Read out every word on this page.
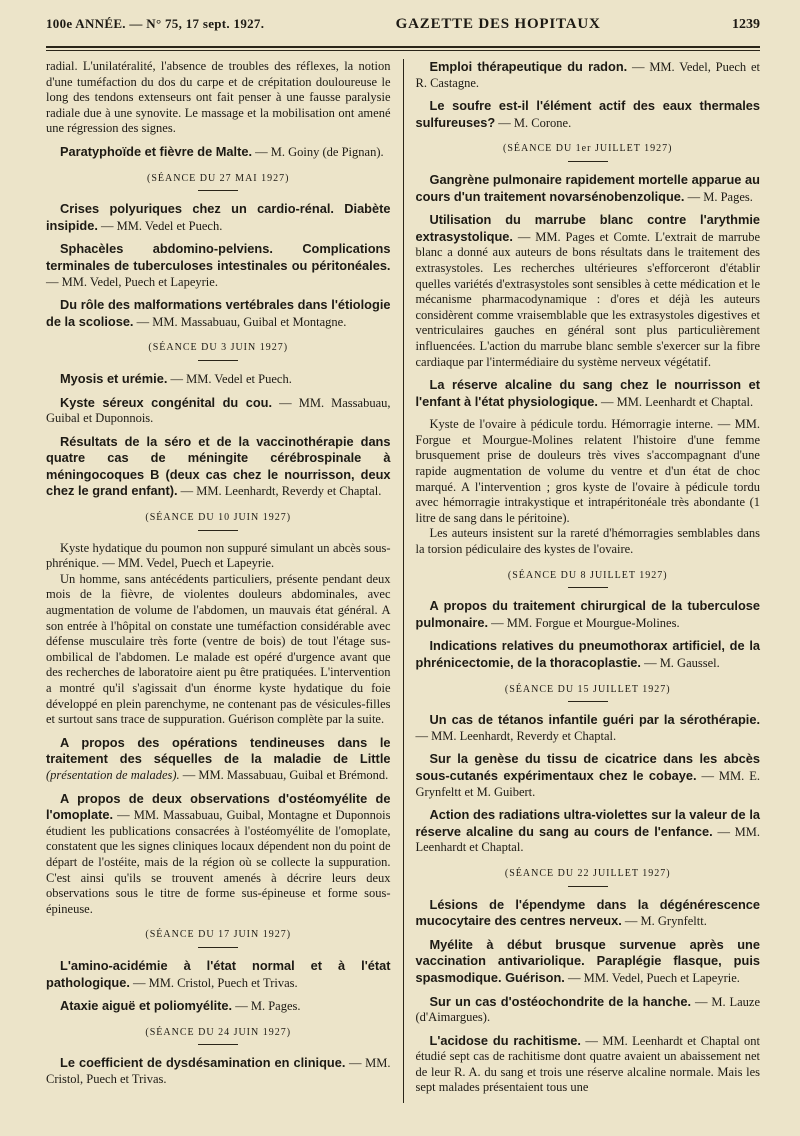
100e ANNÉE. — N° 75, 17 sept. 1927.	GAZETTE DES HOPITAUX	1239

radial. L'unilatéralité, l'absence de troubles des réflexes, la notion d'une tuméfaction du dos du carpe et de crépitation douloureuse le long des tendons extenseurs ont fait penser à une fausse paralysie radiale due à une synovite. Le massage et la mobilisation ont amené une régression des signes.

Paratyphoïde et fièvre de Malte. — M. Goiny (de Pignan).

(SÉANCE DU 27 MAI 1927)

Crises polyuriques chez un cardio-rénal. Diabète insipide. — MM. Vedel et Puech.

Sphacèles abdomino-pelviens. Complications terminales de tuberculoses intestinales ou péritonéales. — MM. Vedel, Puech et Lapeyrie.

Du rôle des malformations vertébrales dans l'étiologie de la scoliose. — MM. Massabuau, Guibal et Montagne.

(SÉANCE DU 3 JUIN 1927)

Myosis et urémie. — MM. Vedel et Puech.

Kyste séreux congénital du cou. — MM. Massabuau, Guibal et Duponnois.

Résultats de la séro et de la vaccinothérapie dans quatre cas de méningite cérébrospinale à méningocoques B (deux cas chez le nourrisson, deux chez le grand enfant). — MM. Leenhardt, Reverdy et Chaptal.

(SÉANCE DU 10 JUIN 1927)

Kyste hydatique du poumon non suppuré simulant un abcès sous-phrénique. — MM. Vedel, Puech et Lapeyrie.

Un homme, sans antécédents particuliers, présente pendant deux mois de la fièvre, de violentes douleurs abdominales, avec augmentation de volume de l'abdomen, un mauvais état général. A son entrée à l'hôpital on constate une tuméfaction considérable avec défense musculaire très forte (ventre de bois) de tout l'étage sus-ombilical de l'abdomen. Le malade est opéré d'urgence avant que des recherches de laboratoire aient pu être pratiquées. L'intervention a montré qu'il s'agissait d'un énorme kyste hydatique du foie développé en plein parenchyme, ne contenant pas de vésicules-filles et surtout sans trace de suppuration. Guérison complète par la suite.

A propos des opérations tendineuses dans le traitement des séquelles de la maladie de Little (présentation de malades). — MM. Massabuau, Guibal et Brémond.

A propos de deux observations d'ostéomyélite de l'omoplate. — MM. Massabuau, Guibal, Montagne et Duponnois étudient les publications consacrées à l'ostéomyélite de l'omoplate, constatent que les signes cliniques locaux dépendent non du point de départ de l'ostéite, mais de la région où se collecte la suppuration. C'est ainsi qu'ils se trouvent amenés à décrire leurs deux observations sous le titre de forme sus-épineuse et forme sous-épineuse.

(SÉANCE DU 17 JUIN 1927)

L'amino-acidémie à l'état normal et à l'état pathologique. — MM. Cristol, Puech et Trivas.

Ataxie aiguë et poliomyélite. — M. Pages.

(SÉANCE DU 24 JUIN 1927)

Le coefficient de dysdésamination en clinique. — MM. Cristol, Puech et Trivas.

Emploi thérapeutique du radon. — MM. Vedel, Puech et R. Castagne.

Le soufre est-il l'élément actif des eaux thermales sulfureuses? — M. Corone.

(SÉANCE DU 1er JUILLET 1927)

Gangrène pulmonaire rapidement mortelle apparue au cours d'un traitement novarsénobenzolique. — M. Pages.

Utilisation du marrube blanc contre l'arythmie extrasystolique. — MM. Pages et Comte. L'extrait de marrube blanc a donné aux auteurs de bons résultats dans le traitement des extrasystoles. Les recherches ultérieures s'efforceront d'établir quelles variétés d'extrasystoles sont sensibles à cette médication et le mécanisme pharmacodynamique : d'ores et déjà les auteurs considèrent comme vraisemblable que les extrasystoles digestives et ventriculaires gauches en général sont plus particulièrement influencées. L'action du marrube blanc semble s'exercer sur la fibre cardiaque par l'intermédiaire du système nerveux végétatif.

La réserve alcaline du sang chez le nourrisson et l'enfant à l'état physiologique. — MM. Leenhardt et Chaptal.

Kyste de l'ovaire à pédicule tordu. Hémorragie interne. — MM. Forgue et Mourgue-Molines relatent l'histoire d'une femme brusquement prise de douleurs très vives s'accompagnant d'une rapide augmentation de volume du ventre et d'un état de choc marqué. A l'intervention ; gros kyste de l'ovaire à pédicule tordu avec hémorragie intrakystique et intrapéritonéale très abondante (1 litre de sang dans le péritoine).

Les auteurs insistent sur la rareté d'hémorragies semblables dans la torsion pédiculaire des kystes de l'ovaire.

(SÉANCE DU 8 JUILLET 1927)

A propos du traitement chirurgical de la tuberculose pulmonaire. — MM. Forgue et Mourgue-Molines.

Indications relatives du pneumothorax artificiel, de la phrénicectomie, de la thoracoplastie. — M. Gaussel.

(SÉANCE DU 15 JUILLET 1927)

Un cas de tétanos infantile guéri par la sérothérapie. — MM. Leenhardt, Reverdy et Chaptal.

Sur la genèse du tissu de cicatrice dans les abcès sous-cutanés expérimentaux chez le cobaye. — MM. E. Grynfeltt et M. Guibert.

Action des radiations ultra-violettes sur la valeur de la réserve alcaline du sang au cours de l'enfance. — MM. Leenhardt et Chaptal.

(SÉANCE DU 22 JUILLET 1927)

Lésions de l'épendyme dans la dégénérescence mucocytaire des centres nerveux. — M. Grynfeltt.

Myélite à début brusque survenue après une vaccination antivariolique. Paraplégie flasque, puis spasmodique. Guérison. — MM. Vedel, Puech et Lapeyrie.

Sur un cas d'ostéochondrite de la hanche. — M. Lauze (d'Aimargues).

L'acidose du rachitisme. — MM. Leenhardt et Chaptal ont étudié sept cas de rachitisme dont quatre avaient un abaissement net de leur R. A. du sang et trois une réserve alcaline normale. Mais les sept malades présentaient tous une
